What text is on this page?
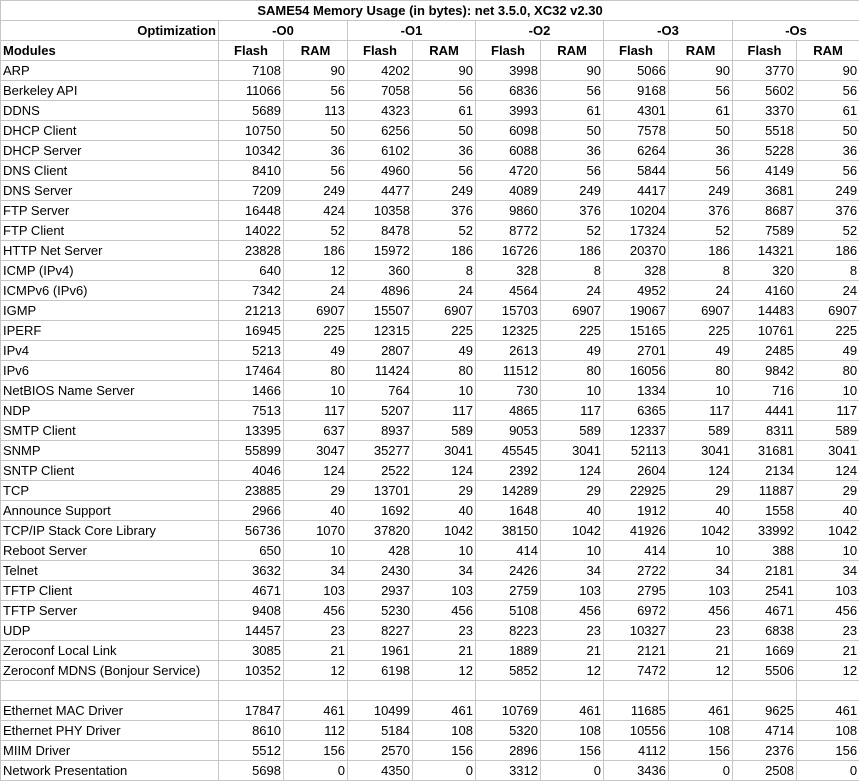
SAME54 Memory Usage (in bytes): net 3.5.0, XC32 v2.30										
Optimization	-O0		-O1		-O2		-O3		-Os	
Modules	Flash	RAM	Flash	RAM	Flash	RAM	Flash	RAM	Flash	RAM
ARP	7108	90	4202	90	3998	90	5066	90	3770	90
Berkeley API	11066	56	7058	56	6836	56	9168	56	5602	56
DDNS	5689	113	4323	61	3993	61	4301	61	3370	61
DHCP Client	10750	50	6256	50	6098	50	7578	50	5518	50
DHCP Server	10342	36	6102	36	6088	36	6264	36	5228	36
DNS Client	8410	56	4960	56	4720	56	5844	56	4149	56
DNS Server	7209	249	4477	249	4089	249	4417	249	3681	249
FTP Server	16448	424	10358	376	9860	376	10204	376	8687	376
FTP Client	14022	52	8478	52	8772	52	17324	52	7589	52
HTTP Net Server	23828	186	15972	186	16726	186	20370	186	14321	186
ICMP (IPv4)	640	12	360	8	328	8	328	8	320	8
ICMPv6 (IPv6)	7342	24	4896	24	4564	24	4952	24	4160	24
IGMP	21213	6907	15507	6907	15703	6907	19067	6907	14483	6907
IPERF	16945	225	12315	225	12325	225	15165	225	10761	225
IPv4	5213	49	2807	49	2613	49	2701	49	2485	49
IPv6	17464	80	11424	80	11512	80	16056	80	9842	80
NetBIOS Name Server	1466	10	764	10	730	10	1334	10	716	10
NDP	7513	117	5207	117	4865	117	6365	117	4441	117
SMTP Client	13395	637	8937	589	9053	589	12337	589	8311	589
SNMP	55899	3047	35277	3041	45545	3041	52113	3041	31681	3041
SNTP Client	4046	124	2522	124	2392	124	2604	124	2134	124
TCP	23885	29	13701	29	14289	29	22925	29	11887	29
Announce Support	2966	40	1692	40	1648	40	1912	40	1558	40
TCP/IP Stack Core Library	56736	1070	37820	1042	38150	1042	41926	1042	33992	1042
Reboot Server	650	10	428	10	414	10	414	10	388	10
Telnet	3632	34	2430	34	2426	34	2722	34	2181	34
TFTP Client	4671	103	2937	103	2759	103	2795	103	2541	103
TFTP Server	9408	456	5230	456	5108	456	6972	456	4671	456
UDP	14457	23	8227	23	8223	23	10327	23	6838	23
Zeroconf Local Link	3085	21	1961	21	1889	21	2121	21	1669	21
Zeroconf MDNS (Bonjour Service)	10352	12	6198	12	5852	12	7472	12	5506	12

Ethernet MAC Driver	17847	461	10499	461	10769	461	11685	461	9625	461
Ethernet PHY Driver	8610	112	5184	108	5320	108	10556	108	4714	108
MIIM Driver	5512	156	2570	156	2896	156	4112	156	2376	156
Network Presentation	5698	0	4350	0	3312	0	3436	0	2508	0
